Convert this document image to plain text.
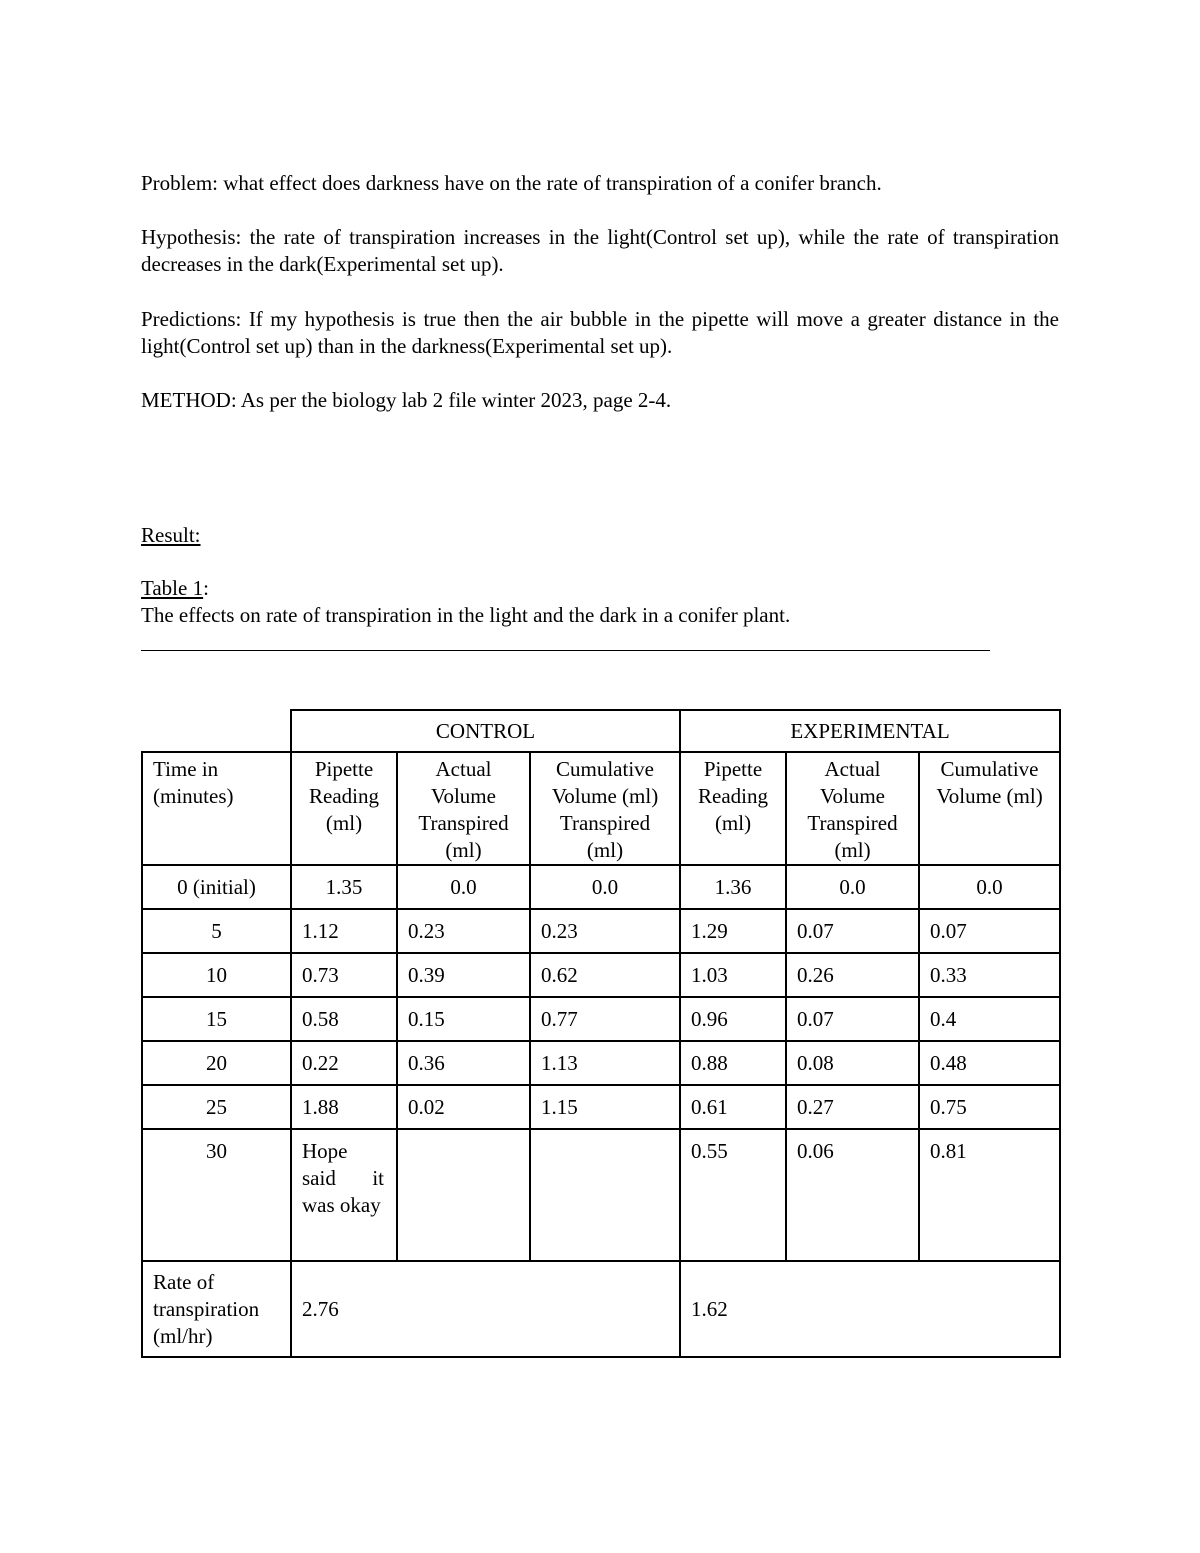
Problem: what effect does darkness have on the rate of transpiration of a conifer branch.

Hypothesis: the rate of transpiration increases in the light(Control set up), while the rate of transpiration decreases in the dark(Experimental set up).

Predictions: If my hypothesis is true then the air bubble in the pipette will move a greater distance in the light(Control set up) than in the darkness(Experimental set up).

METHOD: As per the biology lab 2 file winter 2023, page 2-4.

Result:

Table 1:

The effects on rate of transpiration in the light and the dark in a conifer plant.

	CONTROL			EXPERIMENTAL		
Time in (minutes)	Pipette Reading (ml)	Actual Volume Transpired (ml)	Cumulative Volume (ml) Transpired (ml)	Pipette Reading (ml)	Actual Volume Transpired (ml)	Cumulative Volume (ml)
0 (initial)	1.35	0.0	0.0	1.36	0.0	0.0
5	1.12	0.23	0.23	1.29	0.07	0.07
10	0.73	0.39	0.62	1.03	0.26	0.33
15	0.58	0.15	0.77	0.96	0.07	0.4
20	0.22	0.36	1.13	0.88	0.08	0.48
25	1.88	0.02	1.15	0.61	0.27	0.75
30	Hope said it was okay			0.55	0.06	0.81
Rate of transpiration (ml/hr)	2.76			1.62		
